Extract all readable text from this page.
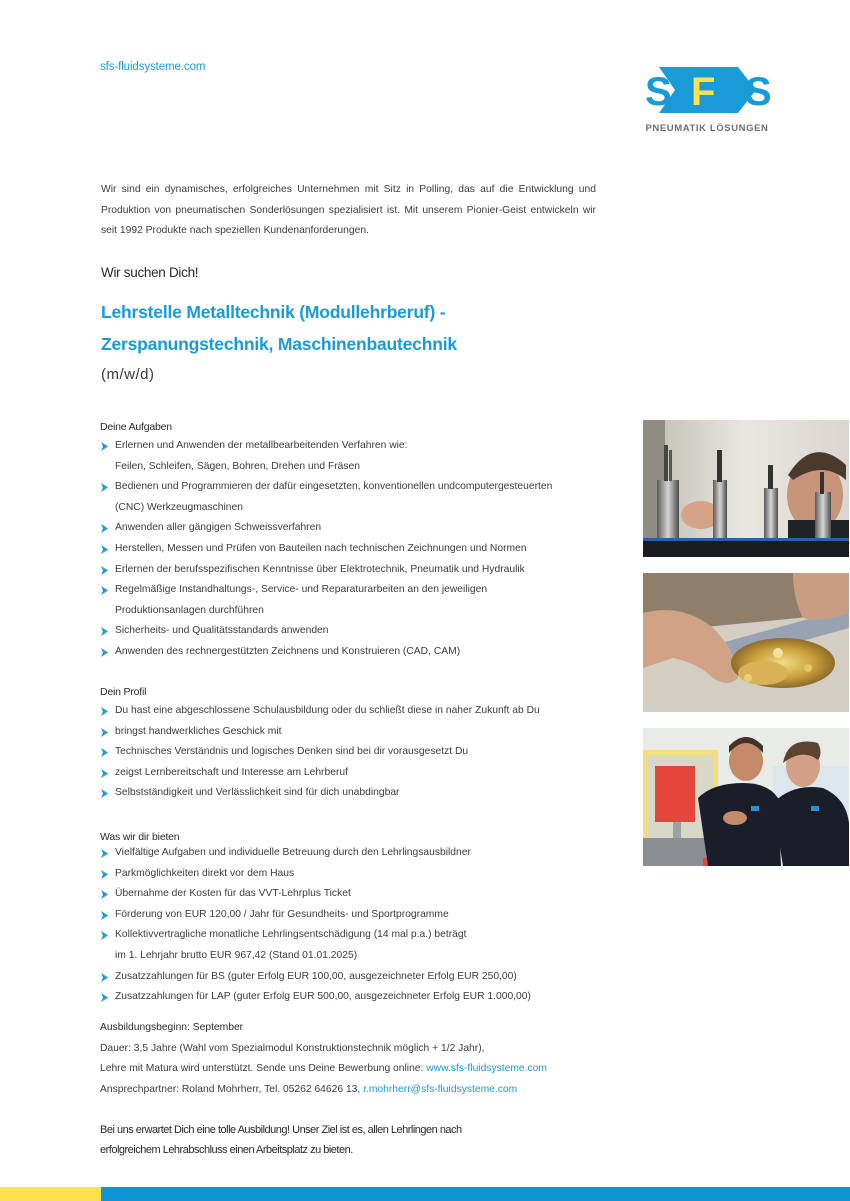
sfs-fluidsysteme.com
S F S
PNEUMATIK LÖSUNGEN
Wir sind ein dynamisches, erfolgreiches Unternehmen mit Sitz in Polling, das auf die Entwicklung und Produktion von pneumatischen Sonderlösungen spezialisiert ist. Mit unserem Pionier-Geist entwickeln wir seit 1992 Produkte nach speziellen Kundenanforderungen.
Wir suchen Dich!
Lehrstelle Metalltechnik (Modullehrberuf) -
Zerspanungstechnik, Maschinenbautechnik
(m/w/d)
Deine Aufgaben
Erlernen und Anwenden der metallbearbeitenden Verfahren wie:
Feilen, Schleifen, Sägen, Bohren, Drehen und Fräsen
Bedienen und Programmieren der dafür eingesetzten, konventionellen undcomputergesteuerten
(CNC) Werkzeugmaschinen
Anwenden aller gängigen Schweissverfahren
Herstellen, Messen und Prüfen von Bauteilen nach technischen Zeichnungen und Normen
Erlernen der berufsspezifischen Kenntnisse über Elektrotechnik, Pneumatik und Hydraulik
Regelmäßige Instandhaltungs-, Service- und Reparaturarbeiten an den jeweiligen
Produktionsanlagen durchführen
Sicherheits- und Qualitätsstandards anwenden
Anwenden des rechnergestützten Zeichnens und Konstruieren (CAD, CAM)
Dein Profil
Du hast eine abgeschlossene Schulausbildung oder du schließt diese in naher Zukunft ab Du
bringst handwerkliches Geschick mit
Technisches Verständnis und logisches Denken sind bei dir vorausgesetzt Du
zeigst Lernbereitschaft und Interesse am Lehrberuf
Selbstständigkeit und Verlässlichkeit sind für dich unabdingbar
Was wir dir bieten
Vielfältige Aufgaben und individuelle Betreuung durch den Lehrlingsausbildner
Parkmöglichkeiten direkt vor dem Haus
Übernahme der Kosten für das VVT-Lehrplus Ticket
Förderung von EUR 120,00 / Jahr für Gesundheits- und Sportprogramme
Kollektivvertragliche monatliche Lehrlingsentschädigung (14 mal p.a.) beträgt
im 1. Lehrjahr brutto EUR 967,42 (Stand 01.01.2025)
Zusatzzahlungen für BS (guter Erfolg EUR 100,00, ausgezeichneter Erfolg EUR 250,00)
Zusatzzahlungen für LAP (guter Erfolg EUR 500,00, ausgezeichneter Erfolg EUR 1.000,00)
Ausbildungsbeginn: September
Dauer: 3,5 Jahre (Wahl vom Spezialmodul Konstruktionstechnik möglich + 1/2 Jahr),
Lehre mit Matura wird unterstützt. Sende uns Deine Bewerbung online: www.sfs-fluidsysteme.com
Ansprechpartner: Roland Mohrherr, Tel. 05262 64626 13, r.mohrherr@sfs-fluidsysteme.com
Bei uns erwartet Dich eine tolle Ausbildung! Unser Ziel ist es, allen Lehrlingen nach
erfolgreichem Lehrabschluss einen Arbeitsplatz zu bieten.
